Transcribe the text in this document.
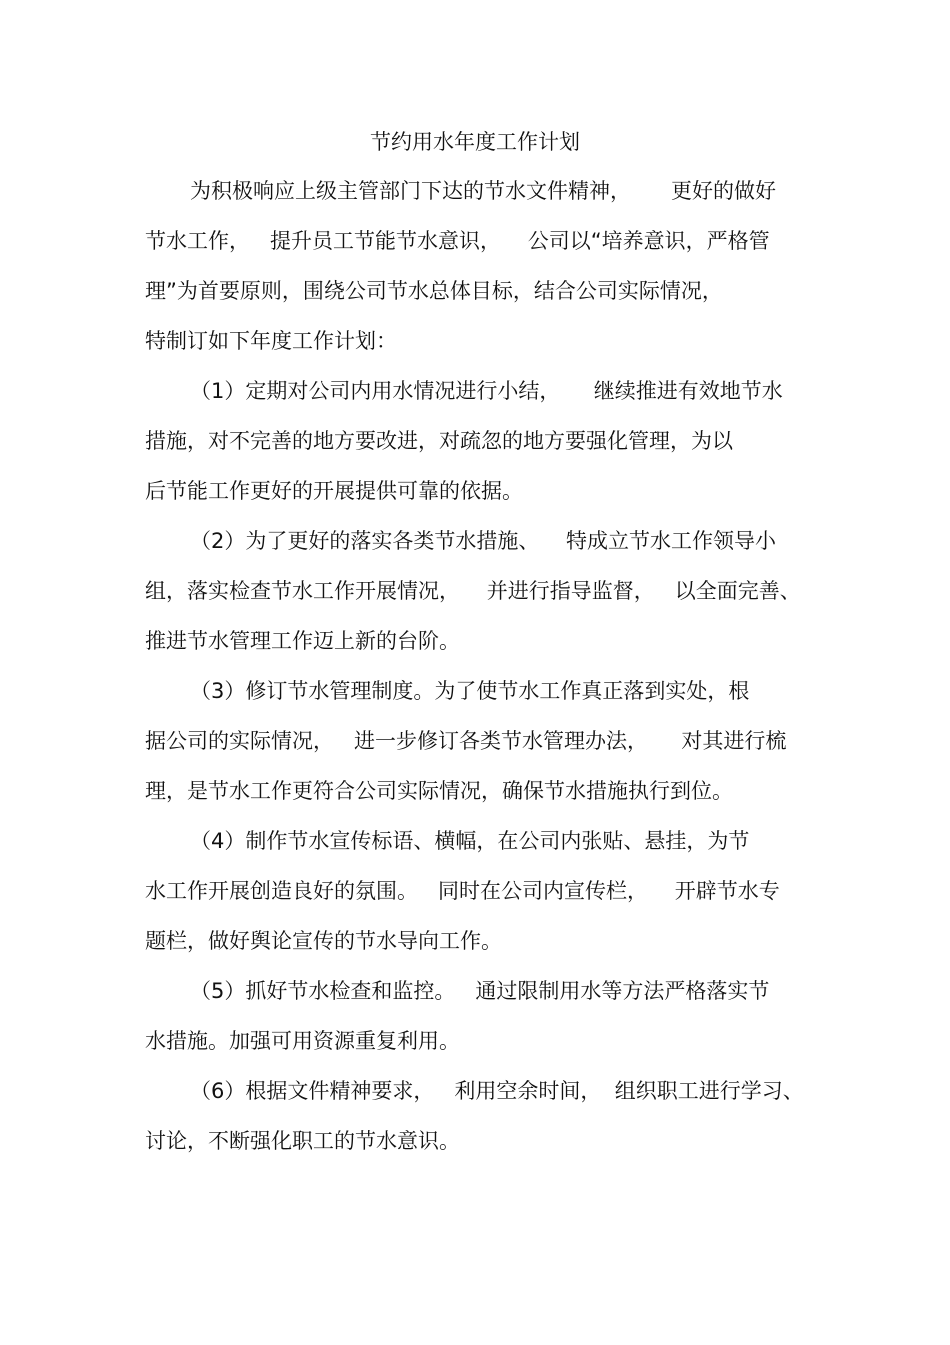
节约用水年度工作计划
为积极响应上级主管部门下达的节水文件精神，      更好的做好
节水工作，   提升员工节能节水意识，    公司以“培养意识，严格管
理”为首要原则，围绕公司节水总体目标，结合公司实际情况，
特制订如下年度工作计划：
（1）定期对公司内用水情况进行小结，     继续推进有效地节水
措施，对不完善的地方要改进，对疏忽的地方要强化管理，为以
后节能工作更好的开展提供可靠的依据。
（2）为了更好的落实各类节水措施、    特成立节水工作领导小
组，落实检查节水工作开展情况，    并进行指导监督，   以全面完善、
推进节水管理工作迈上新的台阶。
（3）修订节水管理制度。为了使节水工作真正落到实处，根
据公司的实际情况，   进一步修订各类节水管理办法，     对其进行梳
理，是节水工作更符合公司实际情况，确保节水措施执行到位。
（4）制作节水宣传标语、横幅，在公司内张贴、悬挂，为节
水工作开展创造良好的氛围。   同时在公司内宣传栏，    开辟节水专
题栏，做好舆论宣传的节水导向工作。
（5）抓好节水检查和监控。   通过限制用水等方法严格落实节
水措施。加强可用资源重复利用。
（6）根据文件精神要求，   利用空余时间，  组织职工进行学习、
讨论，不断强化职工的节水意识。
